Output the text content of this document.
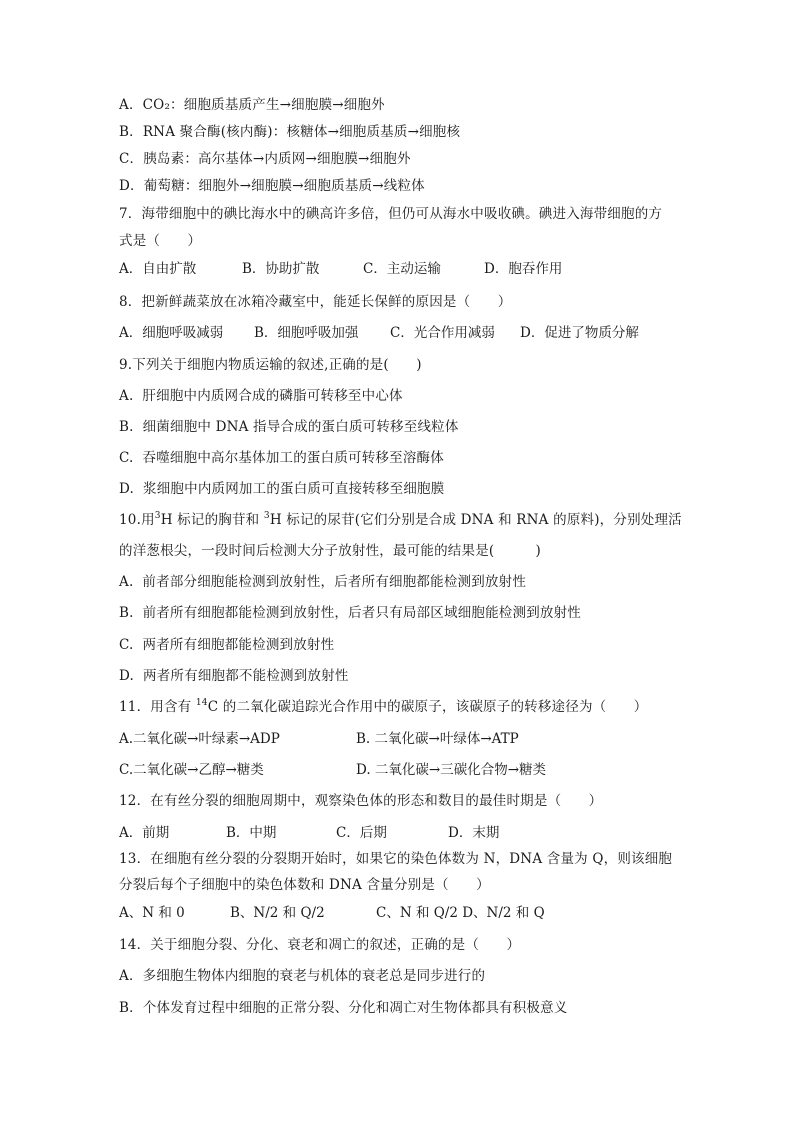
A．CO₂：细胞质基质产生→细胞膜→细胞外
B．RNA 聚合酶(核内酶)：核糖体→细胞质基质→细胞核
C．胰岛素：高尔基体→内质网→细胞膜→细胞外
D．葡萄糖：细胞外→细胞膜→细胞质基质→线粒体
7．海带细胞中的碘比海水中的碘高许多倍，但仍可从海水中吸收碘。碘进入海带细胞的方
式是（　　）
A．自由扩散	B．协助扩散	C．主动运输	D．胞吞作用
8．把新鲜蔬菜放在冰箱冷藏室中，能延长保鲜的原因是（　　）
A．细胞呼吸减弱 B．细胞呼吸加强 C．光合作用减弱 D．促进了物质分解
9.下列关于细胞内物质运输的叙述,正确的是(　　)
A.  肝细胞中内质网合成的磷脂可转移至中心体
B.  细菌细胞中 DNA 指导合成的蛋白质可转移至线粒体
C.  吞噬细胞中高尔基体加工的蛋白质可转移至溶酶体
D.  浆细胞中内质网加工的蛋白质可直接转移至细胞膜
10.用$^3$H 标记的胸苷和 $^3$H 标记的尿苷(它们分别是合成 DNA 和 RNA 的原料)，分别处理活
的洋葱根尖，一段时间后检测大分子放射性，最可能的结果是(　　　)
A.  前者部分细胞能检测到放射性，后者所有细胞都能检测到放射性
B.  前者所有细胞都能检测到放射性，后者只有局部区域细胞能检测到放射性
C.  两者所有细胞都能检测到放射性
D.  两者所有细胞都不能检测到放射性
11．用含有 $^{14}$C 的二氧化碳追踪光合作用中的碳原子，该碳原子的转移途径为（　　）
A.二氧化碳→叶绿素→ADP	B. 二氧化碳→叶绿体→ATP
C.二氧化碳→乙醇→糖类	D. 二氧化碳→三碳化合物→糖类
12．在有丝分裂的细胞周期中，观察染色体的形态和数目的最佳时期是（　　）
A．前期	B．中期	C．后期	D．末期
13．在细胞有丝分裂的分裂期开始时，如果它的染色体数为 N，DNA 含量为 Q，则该细胞
分裂后每个子细胞中的染色体数和 DNA 含量分别是（　　）
A、N 和 0	B、N/2 和 Q/2	C、N 和 Q/2 D、N/2 和 Q
14．关于细胞分裂、分化、衰老和凋亡的叙述，正确的是（　　）
A．多细胞生物体内细胞的衰老与机体的衰老总是同步进行的
B．个体发育过程中细胞的正常分裂、分化和凋亡对生物体都具有积极意义
